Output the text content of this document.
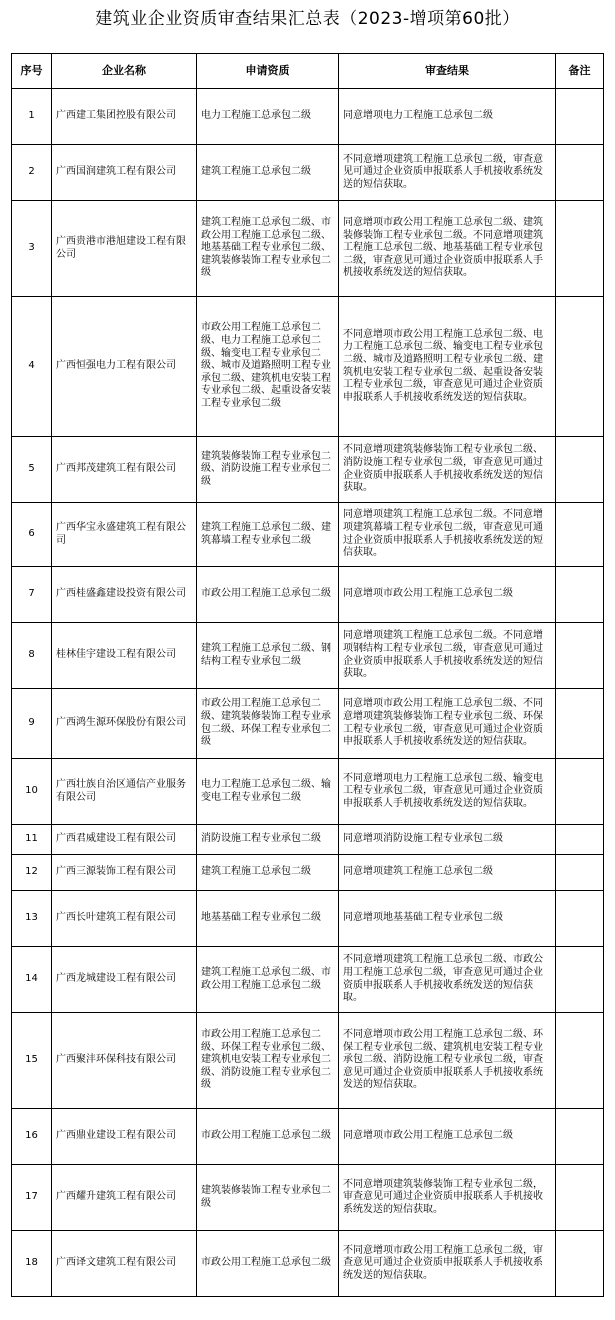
建筑业企业资质审查结果汇总表（2023-增项第60批）
序号	企业名称	申请资质	审查结果	备注
1	广西建工集团控股有限公司	电力工程施工总承包二级	同意增项电力工程施工总承包二级	
2	广西国润建筑工程有限公司	建筑工程施工总承包二级	不同意增项建筑工程施工总承包二级，审查意见可通过企业资质申报联系人手机接收系统发送的短信获取。	
3	广西贵港市港旭建设工程有限公司	建筑工程施工总承包二级、市政公用工程施工总承包二级、地基基础工程专业承包二级、建筑装修装饰工程专业承包二级	同意增项市政公用工程施工总承包二级、建筑装修装饰工程专业承包二级。不同意增项建筑工程施工总承包二级、地基基础工程专业承包二级，审查意见可通过企业资质申报联系人手机接收系统发送的短信获取。	
4	广西恒强电力工程有限公司	市政公用工程施工总承包二级、电力工程施工总承包二级、输变电工程专业承包二级、城市及道路照明工程专业承包二级、建筑机电安装工程专业承包二级、起重设备安装工程专业承包二级	不同意增项市政公用工程施工总承包二级、电力工程施工总承包二级、输变电工程专业承包二级、城市及道路照明工程专业承包二级、建筑机电安装工程专业承包二级、起重设备安装工程专业承包二级，审查意见可通过企业资质申报联系人手机接收系统发送的短信获取。	
5	广西邦茂建筑工程有限公司	建筑装修装饰工程专业承包二级、消防设施工程专业承包二级	不同意增项建筑装修装饰工程专业承包二级、消防设施工程专业承包二级，审查意见可通过企业资质申报联系人手机接收系统发送的短信获取。	
6	广西华宝永盛建筑工程有限公司	建筑工程施工总承包二级、建筑幕墙工程专业承包二级	同意增项建筑工程施工总承包二级。不同意增项建筑幕墙工程专业承包二级，审查意见可通过企业资质申报联系人手机接收系统发送的短信获取。	
7	广西桂盛鑫建设投资有限公司	市政公用工程施工总承包二级	同意增项市政公用工程施工总承包二级	
8	桂林佳宇建设工程有限公司	建筑工程施工总承包二级、钢结构工程专业承包二级	同意增项建筑工程施工总承包二级。不同意增项钢结构工程专业承包二级，审查意见可通过企业资质申报联系人手机接收系统发送的短信获取。	
9	广西鸿生源环保股份有限公司	市政公用工程施工总承包二级、建筑装修装饰工程专业承包二级、环保工程专业承包二级	同意增项市政公用工程施工总承包二级、不同意增项建筑装修装饰工程专业承包二级、环保工程专业承包二级，审查意见可通过企业资质申报联系人手机接收系统发送的短信获取。	
10	广西壮族自治区通信产业服务有限公司	电力工程施工总承包二级、输变电工程专业承包二级	不同意增项电力工程施工总承包二级、输变电工程专业承包二级，审查意见可通过企业资质申报联系人手机接收系统发送的短信获取。	
11	广西君威建设工程有限公司	消防设施工程专业承包二级	同意增项消防设施工程专业承包二级	
12	广西三源装饰工程有限公司	建筑工程施工总承包二级	同意增项建筑工程施工总承包二级	
13	广西长叶建筑工程有限公司	地基基础工程专业承包二级	同意增项地基基础工程专业承包二级	
14	广西龙城建设工程有限公司	建筑工程施工总承包二级、市政公用工程施工总承包二级	不同意增项建筑工程施工总承包二级、市政公用工程施工总承包二级，审查意见可通过企业资质申报联系人手机接收系统发送的短信获取。	
15	广西聚沣环保科技有限公司	市政公用工程施工总承包二级、环保工程专业承包二级、建筑机电安装工程专业承包二级、消防设施工程专业承包二级	不同意增项市政公用工程施工总承包二级、环保工程专业承包二级、建筑机电安装工程专业承包二级、消防设施工程专业承包二级，审查意见可通过企业资质申报联系人手机接收系统发送的短信获取。	
16	广西鼎业建设工程有限公司	市政公用工程施工总承包二级	同意增项市政公用工程施工总承包二级	
17	广西耀升建筑工程有限公司	建筑装修装饰工程专业承包二级	不同意增项建筑装修装饰工程专业承包二级，审查意见可通过企业资质申报联系人手机接收系统发送的短信获取。	
18	广西译文建筑工程有限公司	市政公用工程施工总承包二级	不同意增项市政公用工程施工总承包二级，审查意见可通过企业资质申报联系人手机接收系统发送的短信获取。	
